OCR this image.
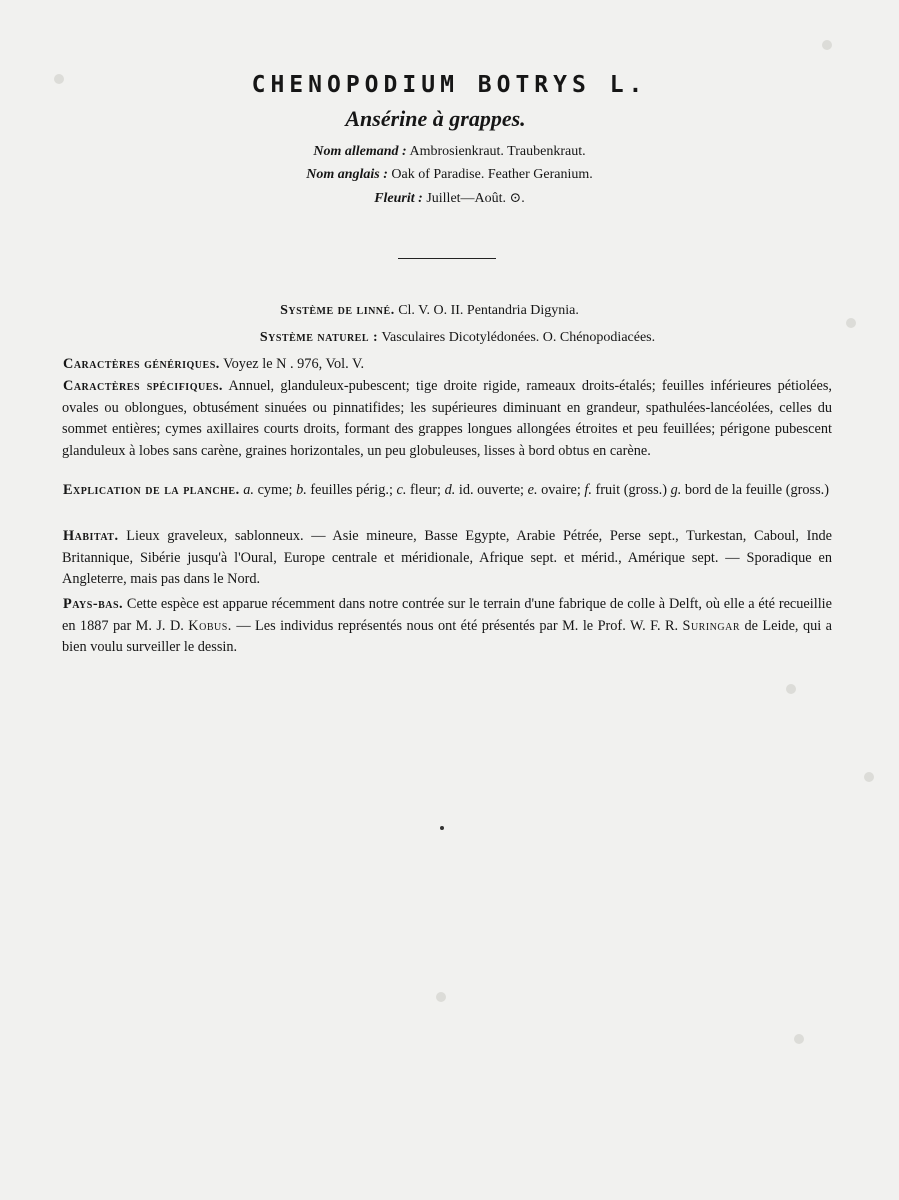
CHENOPODIUM BOTRYS L.
Ansérine à grappes.
Nom allemand : Ambrosienkraut. Traubenkraut.
Nom anglais : Oak of Paradise. Feather Geranium.
Fleurit : Juillet—Août. ⊙.
Système de linné. Cl. V. O. II. Pentandria Digynia.
Système naturel : Vasculaires Dicotylédonées. O. Chénopodiacées.
Caractères génériques. Voyez le N . 976, Vol. V.
Caractères spécifiques. Annuel, glanduleux-pubescent; tige droite rigide, rameaux droits-étalés; feuilles inférieures pétiolées, ovales ou oblongues, obtusément sinuées ou pinnatifides; les supérieures diminuant en grandeur, spathulées-lancéolées, celles du sommet entières; cymes axillaires courts droits, formant des grappes longues allongées étroites et peu feuillées; périgone pubescent glanduleux à lobes sans carène, graines horizontales, un peu globuleuses, lisses à bord obtus en carène.
Explication de la planche. a. cyme; b. feuilles périg.; c. fleur; d. id. ouverte; e. ovaire; f. fruit (gross.) g. bord de la feuille (gross.)
Habitat. Lieux graveleux, sablonneux. — Asie mineure, Basse Egypte, Arabie Pétrée, Perse sept., Turkestan, Caboul, Inde Britannique, Sibérie jusqu'à l'Oural, Europe centrale et méridionale, Afrique sept. et mérid., Amérique sept. — Sporadique en Angleterre, mais pas dans le Nord.
Pays-bas. Cette espèce est apparue récemment dans notre contrée sur le terrain d'une fabrique de colle à Delft, où elle a été recueillie en 1887 par M. J. D. Kobus. — Les individus représentés nous ont été présentés par M. le Prof. W. F. R. Suringar de Leide, qui a bien voulu surveiller le dessin.
